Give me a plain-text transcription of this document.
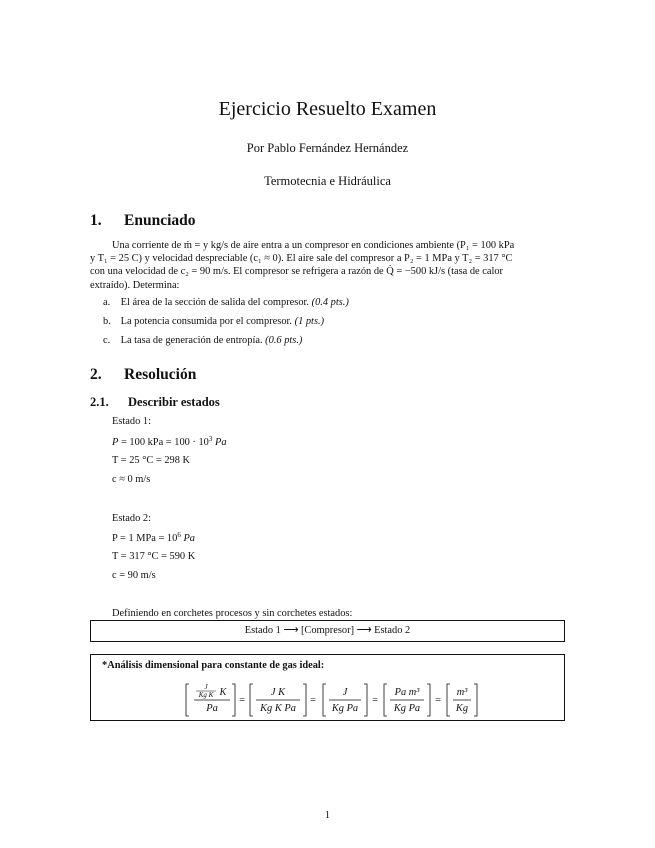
Ejercicio Resuelto Examen
Por Pablo Fernández Hernández
Termotecnia e Hidráulica
1. Enunciado
Una corriente de ṁ = y kg/s de aire entra a un compresor en condiciones ambiente (P₁ = 100 kPa
y T₁ = 25 C) y velocidad despreciable (c₁ ≈ 0). El aire sale del compresor a P₂ = 1 MPa y T₂ = 317 °C
con una velocidad de c₂ = 90 m/s. El compresor se refrigera a razón de Q̇ = −500 kJ/s (tasa de calor
extraído). Determina:
a. El área de la sección de salida del compresor. (0.4 pts.)
b. La potencia consumida por el compresor. (1 pts.)
c. La tasa de generación de entropía. (0.6 pts.)
2. Resolución
2.1. Describir estados
Estado 1:
P = 100 kPa = $100 \cdot 10^3$ Pa
T = 25 °C = 298 K
c ≈ 0 m/s
Estado 2:
P = 1 MPa = $10^6$ Pa
T = 317 °C = 590 K
c = 90 m/s
Definiendo en corchetes procesos y sin corchetes estados:
Estado 1 ⟶ [Compresor] ⟶ Estado 2
*Análisis dimensional para constante de gas ideal:
J
Kg K K
Pa
=
J K
Kg K Pa
=
J
Kg Pa
=
Pa m³
Kg Pa
=
m³
Kg
1
